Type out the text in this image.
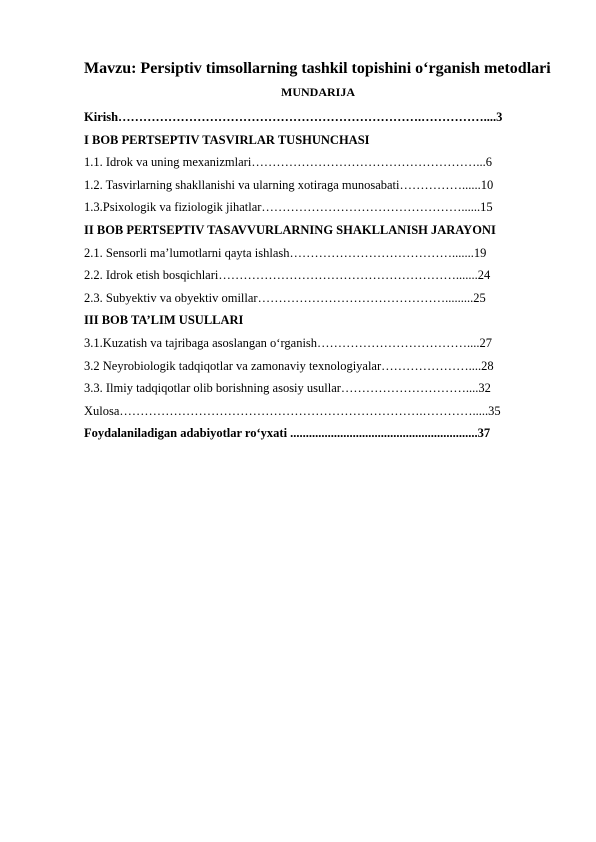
Mavzu: Persiptiv timsollarning tashkil topishini o‘rganish metodlari
MUNDARIJA
Kirish……………………………………………………………….……………....3
I BOB PERTSEPTIV TASVIRLAR TUSHUNCHASI
1.1. Idrok va uning mexanizmlari………………………………………………...6
1.2. Tasvirlarning shakllanishi va ularning xotiraga munosabati……………......10
1.3.Psixologik va fiziologik jihatlar…………………………………………......15
II BOB PERTSEPTIV TASAVVURLARNING SHAKLLANISH JARAYONI
2.1. Sensorli ma’lumotlarni qayta ishlash………………………………….......19
2.2. Idrok etish bosqichlari………………………………………………….......24
2.3. Subyektiv va obyektiv omillar……………………………………….........25
III BOB TA’LIM USULLARI
3.1.Kuzatish va tajribaga asoslangan o‘rganish………………………………....27
3.2 Neyrobiologik tadqiqotlar va zamonaviy texnologiyalar…………………....28
3.3. Ilmiy tadqiqotlar olib borishning asosiy usullar…………………………....32
Xulosa……………………………………………………………….………….....35
Foydalaniladigan adabiyotlar ro‘yxati ............................................................37
